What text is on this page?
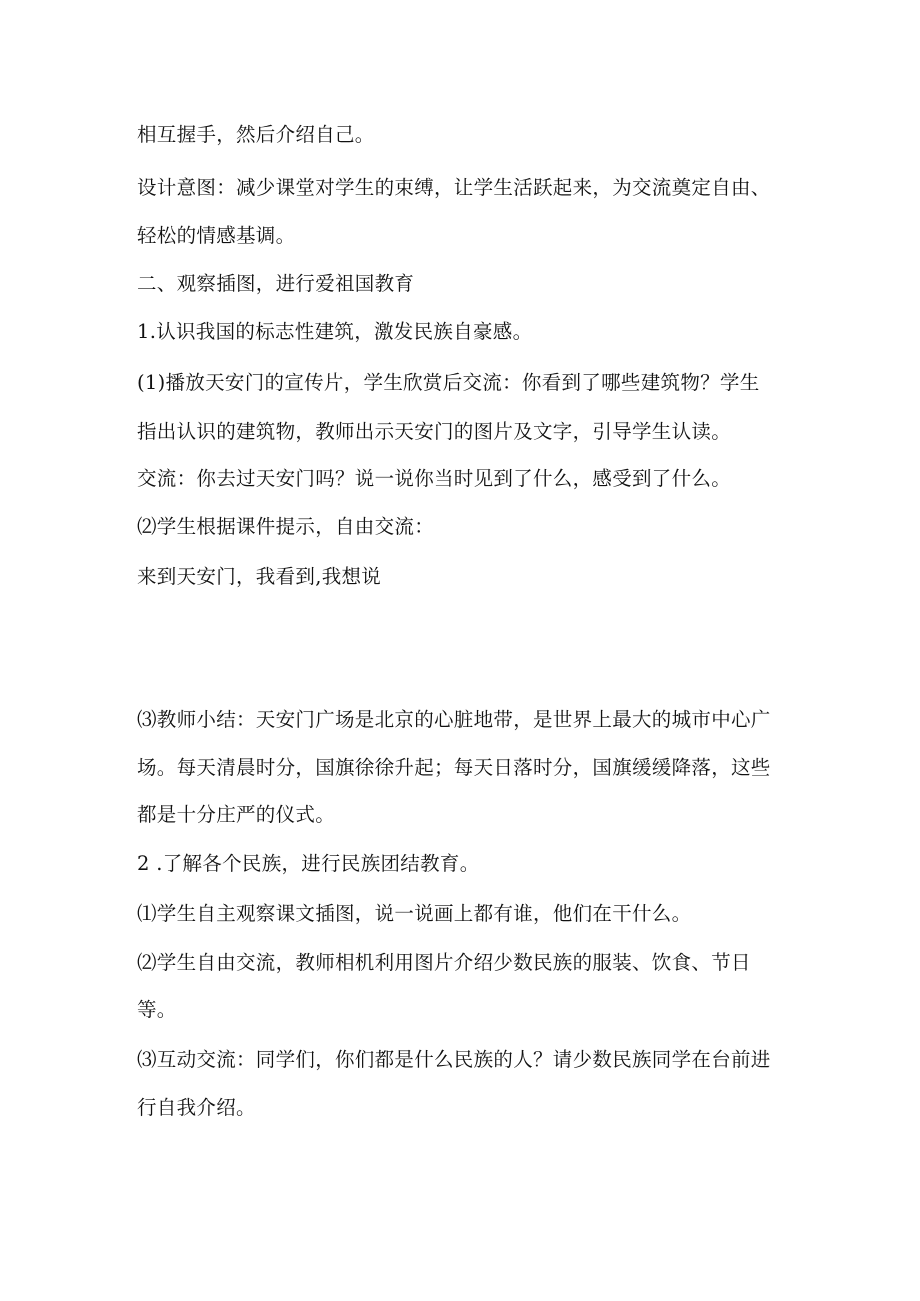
相互握手，然后介绍自己。
设计意图：减少课堂对学生的束缚，让学生活跃起来，为交流奠定自由、
轻松的情感基调。
二、观察插图，进行爱祖国教育
1.认识我国的标志性建筑，激发民族自豪感。
(1)播放天安门的宣传片，学生欣赏后交流：你看到了哪些建筑物？学生
指出认识的建筑物，教师出示天安门的图片及文字，引导学生认读。
交流：你去过天安门吗？说一说你当时见到了什么，感受到了什么。
⑵学生根据课件提示，自由交流：
来到天安门，我看到,我想说
⑶教师小结：天安门广场是北京的心脏地带，是世界上最大的城市中心广
场。每天清晨时分，国旗徐徐升起；每天日落时分，国旗缓缓降落，这些
都是十分庄严的仪式。
2 .了解各个民族，进行民族团结教育。
⑴学生自主观察课文插图，说一说画上都有谁，他们在干什么。
⑵学生自由交流，教师相机利用图片介绍少数民族的服装、饮食、节日
等。
⑶互动交流：同学们，你们都是什么民族的人？请少数民族同学在台前进
行自我介绍。
